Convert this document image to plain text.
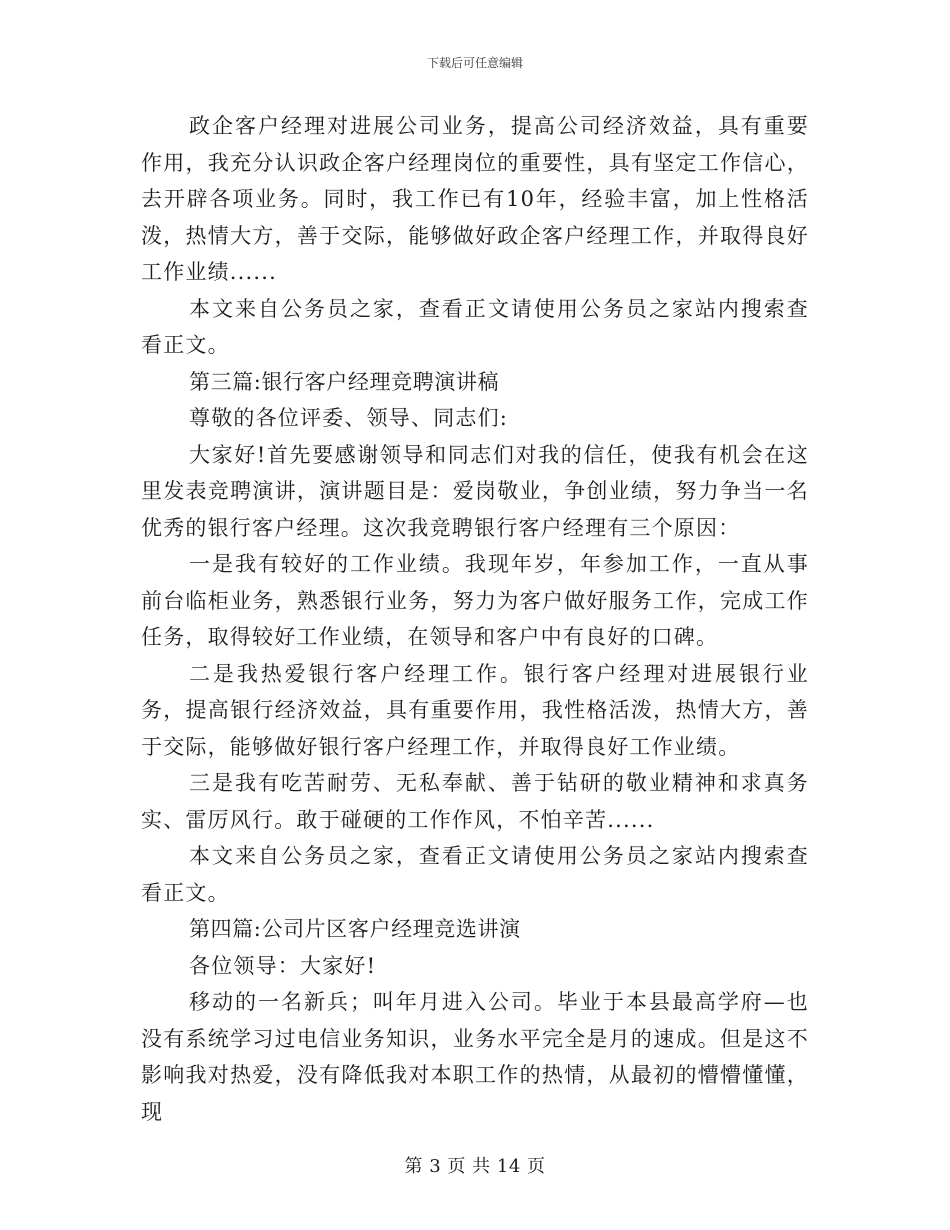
下载后可任意编辑

政企客户经理对进展公司业务，提高公司经济效益，具有重要作用，我充分认识政企客户经理岗位的重要性，具有坚定工作信心，去开辟各项业务。同时，我工作已有10年，经验丰富，加上性格活泼，热情大方，善于交际，能够做好政企客户经理工作，并取得良好工作业绩......

本文来自公务员之家，查看正文请使用公务员之家站内搜索查看正文。

第三篇:银行客户经理竞聘演讲稿

尊敬的各位评委、领导、同志们:

大家好!首先要感谢领导和同志们对我的信任，使我有机会在这里发表竞聘演讲，演讲题目是：爱岗敬业，争创业绩，努力争当一名优秀的银行客户经理。这次我竞聘银行客户经理有三个原因：

一是我有较好的工作业绩。我现年岁，年参加工作，一直从事前台临柜业务，熟悉银行业务，努力为客户做好服务工作，完成工作任务，取得较好工作业绩，在领导和客户中有良好的口碑。

二是我热爱银行客户经理工作。银行客户经理对进展银行业务，提高银行经济效益，具有重要作用，我性格活泼，热情大方，善于交际，能够做好银行客户经理工作，并取得良好工作业绩。

三是我有吃苦耐劳、无私奉献、善于钻研的敬业精神和求真务实、雷厉风行。敢于碰硬的工作作风，不怕辛苦......

本文来自公务员之家，查看正文请使用公务员之家站内搜索查看正文。

第四篇:公司片区客户经理竞选讲演

各位领导：大家好!

移动的一名新兵；叫年月进入公司。毕业于本县最高学府—也没有系统学习过电信业务知识，业务水平完全是月的速成。但是这不影响我对热爱，没有降低我对本职工作的热情，从最初的懵懵懂懂，现

第 3 页 共 14 页
